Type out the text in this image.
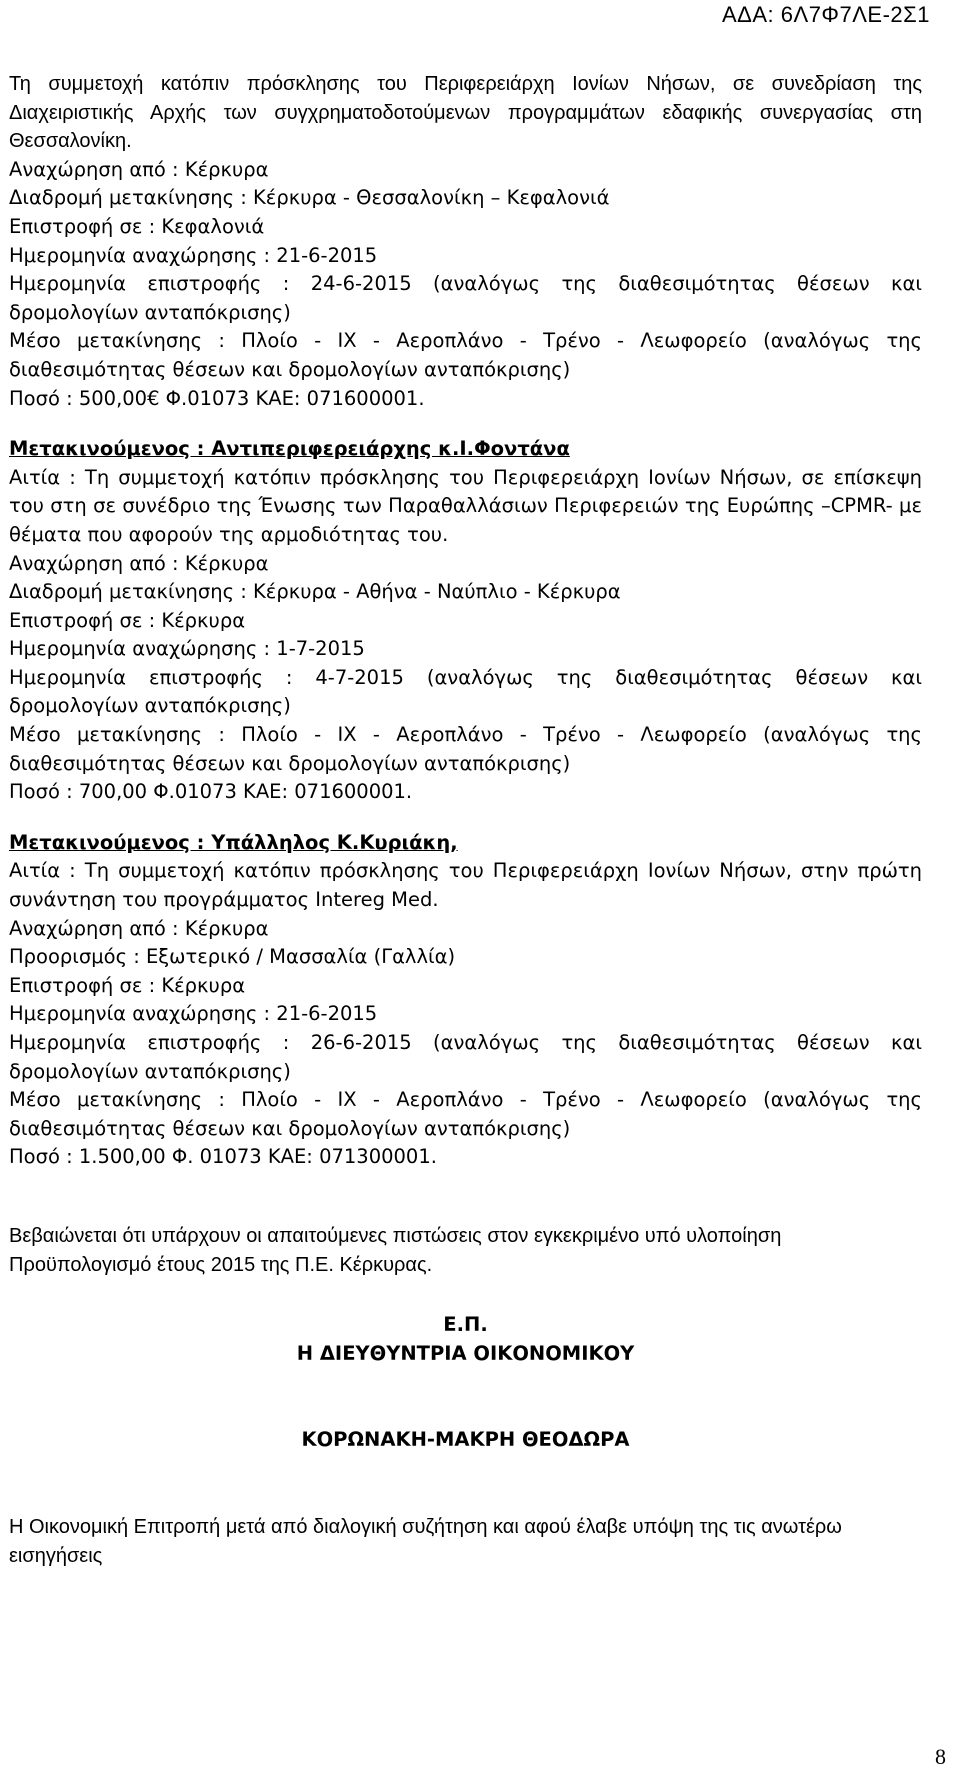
ΑΔΑ: 6Λ7Φ7ΛΕ-2Σ1

Τη συμμετοχή κατόπιν πρόσκλησης του Περιφερειάρχη Ιονίων Νήσων, σε συνεδρίαση της Διαχειριστικής Αρχής των συγχρηματοδοτούμενων προγραμμάτων εδαφικής συνεργασίας στη Θεσσαλονίκη.

Αναχώρηση από : Κέρκυρα

Διαδρομή μετακίνησης : Κέρκυρα - Θεσσαλονίκη – Κεφαλονιά

Επιστροφή σε : Κεφαλονιά

Ημερομηνία αναχώρησης : 21-6-2015

Ημερομηνία επιστροφής : 24-6-2015 (αναλόγως της διαθεσιμότητας θέσεων και δρομολογίων ανταπόκρισης)

Μέσο μετακίνησης : Πλοίο - ΙΧ - Αεροπλάνο - Τρένο - Λεωφορείο (αναλόγως της διαθεσιμότητας θέσεων και δρομολογίων ανταπόκρισης)

Ποσό : 500,00€ Φ.01073 ΚΑΕ: 071600001.

Μετακινούμενος : Αντιπεριφερειάρχης κ.Ι.Φοντάνα

Αιτία : Τη συμμετοχή κατόπιν πρόσκλησης του Περιφερειάρχη Ιονίων Νήσων, σε επίσκεψη του στη σε συνέδριο της Ένωσης των Παραθαλλάσιων Περιφερειών της Ευρώπης –CPMR- με θέματα που αφορούν της αρμοδιότητας του.

Αναχώρηση από : Κέρκυρα

Διαδρομή μετακίνησης : Κέρκυρα - Αθήνα - Ναύπλιο - Κέρκυρα

Επιστροφή σε : Κέρκυρα

Ημερομηνία αναχώρησης : 1-7-2015

Ημερομηνία επιστροφής : 4-7-2015 (αναλόγως της διαθεσιμότητας θέσεων και δρομολογίων ανταπόκρισης)

Μέσο μετακίνησης : Πλοίο - ΙΧ - Αεροπλάνο - Τρένο - Λεωφορείο (αναλόγως της διαθεσιμότητας θέσεων και δρομολογίων ανταπόκρισης)

Ποσό : 700,00 Φ.01073 ΚΑΕ: 071600001.

Μετακινούμενος : Υπάλληλος Κ.Κυριάκη,

Αιτία : Τη συμμετοχή κατόπιν πρόσκλησης του Περιφερειάρχη Ιονίων Νήσων, στην πρώτη συνάντηση του προγράμματος Intereg Med.

Αναχώρηση από : Κέρκυρα

Προορισμός : Εξωτερικό / Μασσαλία (Γαλλία)

Επιστροφή σε : Κέρκυρα

Ημερομηνία αναχώρησης : 21-6-2015

Ημερομηνία επιστροφής : 26-6-2015 (αναλόγως της διαθεσιμότητας θέσεων και δρομολογίων ανταπόκρισης)

Μέσο μετακίνησης : Πλοίο - ΙΧ - Αεροπλάνο - Τρένο - Λεωφορείο (αναλόγως της διαθεσιμότητας θέσεων και δρομολογίων ανταπόκρισης)

Ποσό : 1.500,00 Φ. 01073 ΚΑΕ: 071300001.

Βεβαιώνεται ότι υπάρχουν οι απαιτούμενες πιστώσεις στον εγκεκριμένο υπό υλοποίηση Προϋπολογισμό έτους 2015 της Π.Ε. Κέρκυρας.

Ε.Π.

Η ΔΙΕΥΘΥΝΤΡΙΑ ΟΙΚΟΝΟΜΙΚΟΥ

ΚΟΡΩΝΑΚΗ-ΜΑΚΡΗ ΘΕΟΔΩΡΑ

Η Οικονομική Επιτροπή μετά από διαλογική συζήτηση και αφού έλαβε υπόψη της τις ανωτέρω εισηγήσεις

8
